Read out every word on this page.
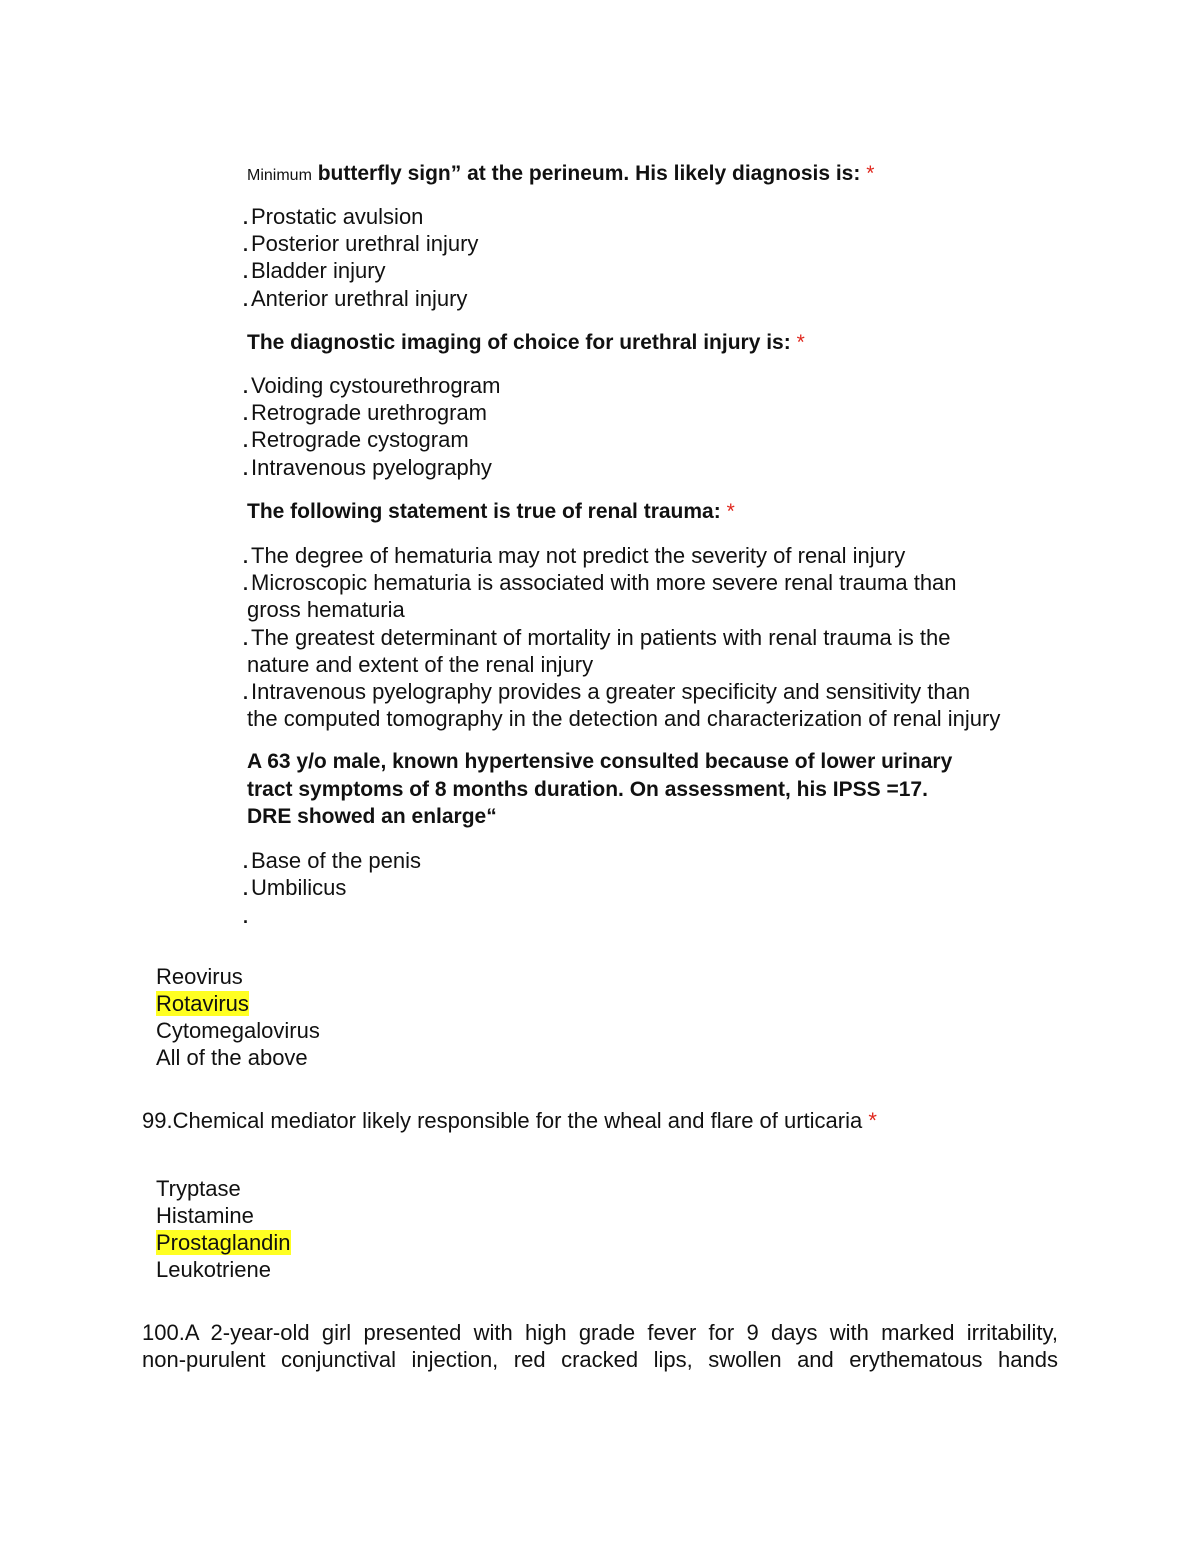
Minimum butterfly sign” at the perineum. His likely diagnosis is: *
. Prostatic avulsion
. Posterior urethral injury
. Bladder injury
. Anterior urethral injury
The diagnostic imaging of choice for urethral injury is: *
. Voiding cystourethrogram
. Retrograde urethrogram
. Retrograde cystogram
. Intravenous pyelography
The following statement is true of renal trauma: *
. The degree of hematuria may not predict the severity of renal injury
. Microscopic hematuria is associated with more severe renal trauma than
gross hematuria
. The greatest determinant of mortality in patients with renal trauma is the
nature and extent of the renal injury
. Intravenous pyelography provides a greater specificity and sensitivity than
the computed tomography in the detection and characterization of renal injury
A 63 y/o male, known hypertensive consulted because of lower urinary
tract symptoms of 8 months duration. On assessment, his IPSS =17.
DRE showed an enlarge“
. Base of the penis
. Umbilicus
.
Reovirus
Rotavirus
Cytomegalovirus
All of the above
99.Chemical mediator likely responsible for the wheal and flare of urticaria *
Tryptase
Histamine
Prostaglandin
Leukotriene
100.A 2-year-old girl presented with high grade fever for 9 days with marked irritability,
non-purulent conjunctival injection, red cracked lips, swollen and erythematous hands
